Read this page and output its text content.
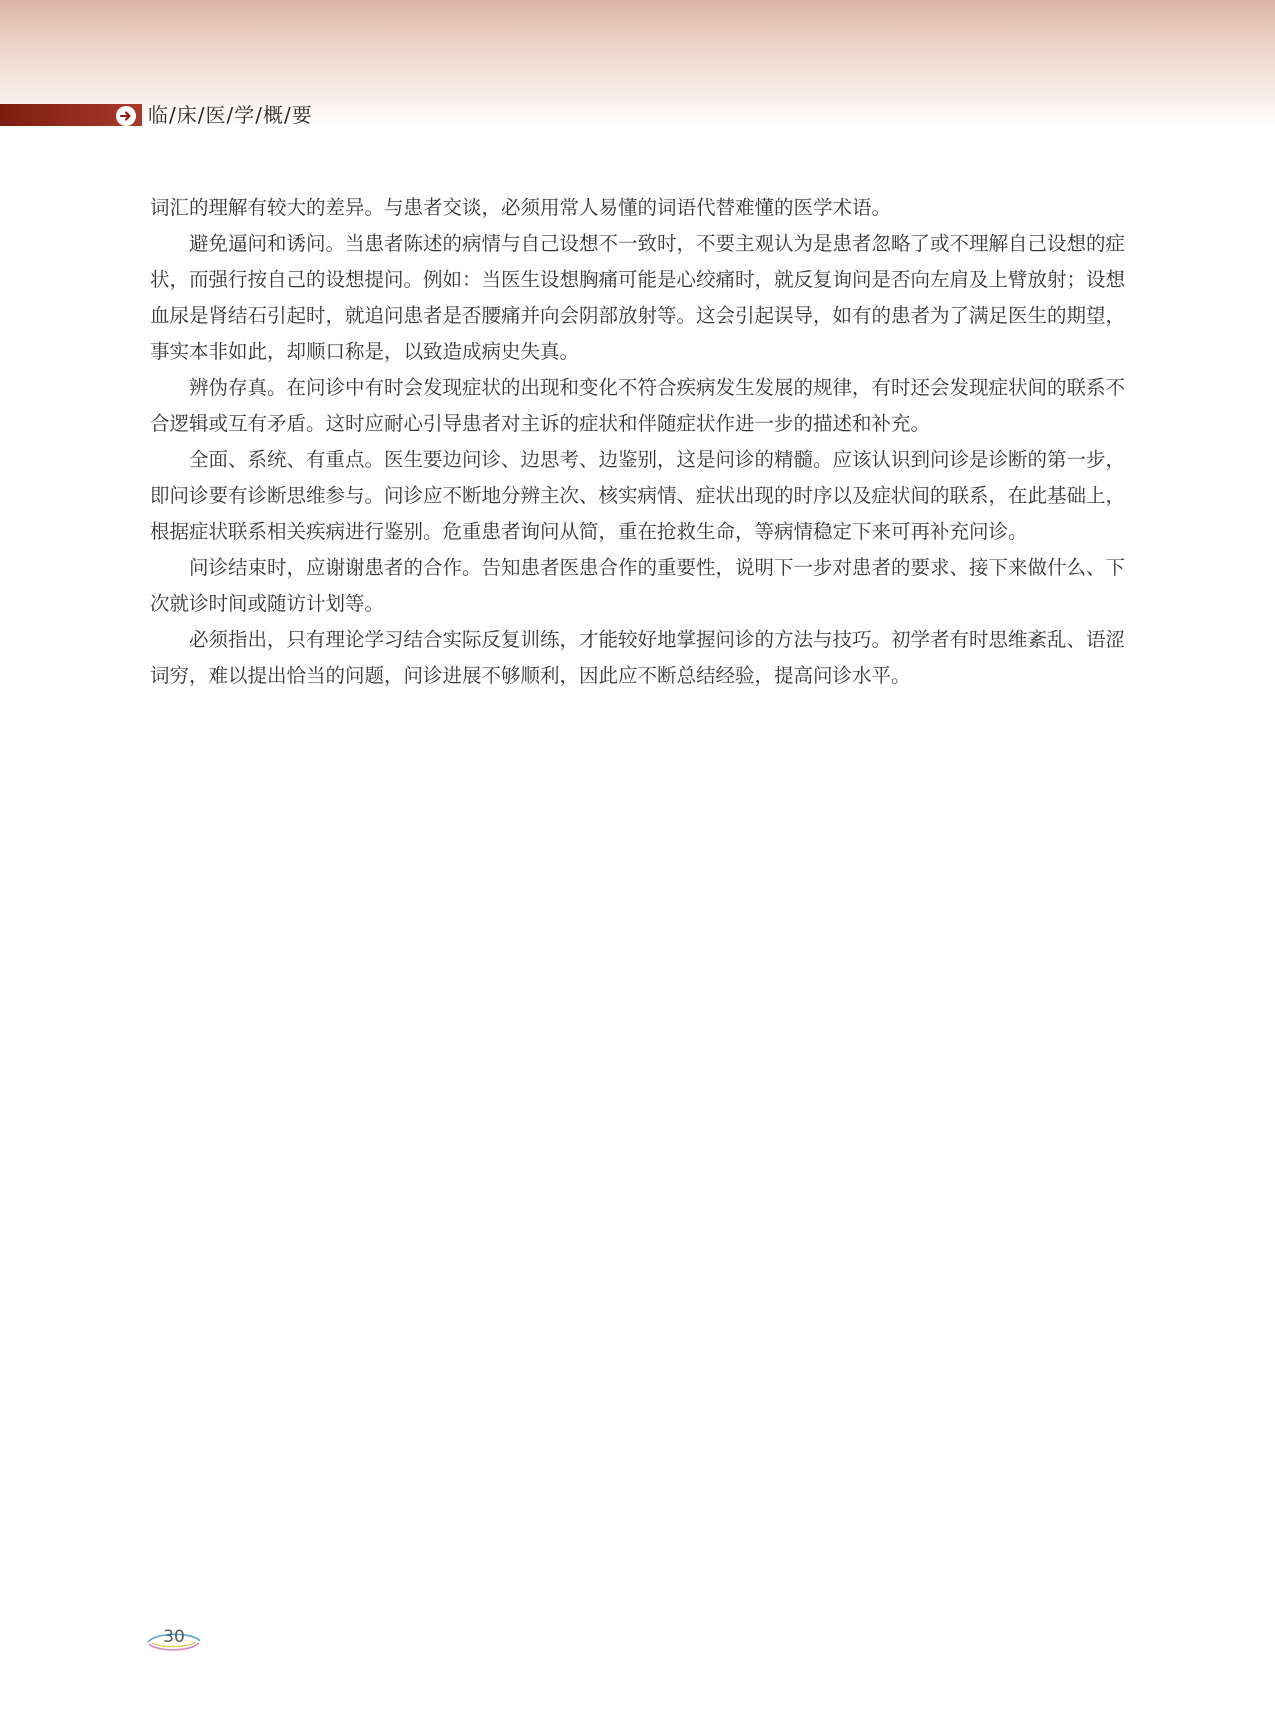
临/床/医/学/概/要

词汇的理解有较大的差异。与患者交谈，必须用常人易懂的词语代替难懂的医学术语。

避免逼问和诱问。当患者陈述的病情与自己设想不一致时，不要主观认为是患者忽略了或不理解自己设想的症状，而强行按自己的设想提问。例如：当医生设想胸痛可能是心绞痛时，就反复询问是否向左肩及上臂放射；设想血尿是肾结石引起时，就追问患者是否腰痛并向会阴部放射等。这会引起误导，如有的患者为了满足医生的期望，事实本非如此，却顺口称是，以致造成病史失真。

辨伪存真。在问诊中有时会发现症状的出现和变化不符合疾病发生发展的规律，有时还会发现症状间的联系不合逻辑或互有矛盾。这时应耐心引导患者对主诉的症状和伴随症状作进一步的描述和补充。

全面、系统、有重点。医生要边问诊、边思考、边鉴别，这是问诊的精髓。应该认识到问诊是诊断的第一步，即问诊要有诊断思维参与。问诊应不断地分辨主次、核实病情、症状出现的时序以及症状间的联系，在此基础上，根据症状联系相关疾病进行鉴别。危重患者询问从简，重在抢救生命，等病情稳定下来可再补充问诊。

问诊结束时，应谢谢患者的合作。告知患者医患合作的重要性，说明下一步对患者的要求、接下来做什么、下次就诊时间或随访计划等。

必须指出，只有理论学习结合实际反复训练，才能较好地掌握问诊的方法与技巧。初学者有时思维紊乱、语涩词穷，难以提出恰当的问题，问诊进展不够顺利，因此应不断总结经验，提高问诊水平。

30
